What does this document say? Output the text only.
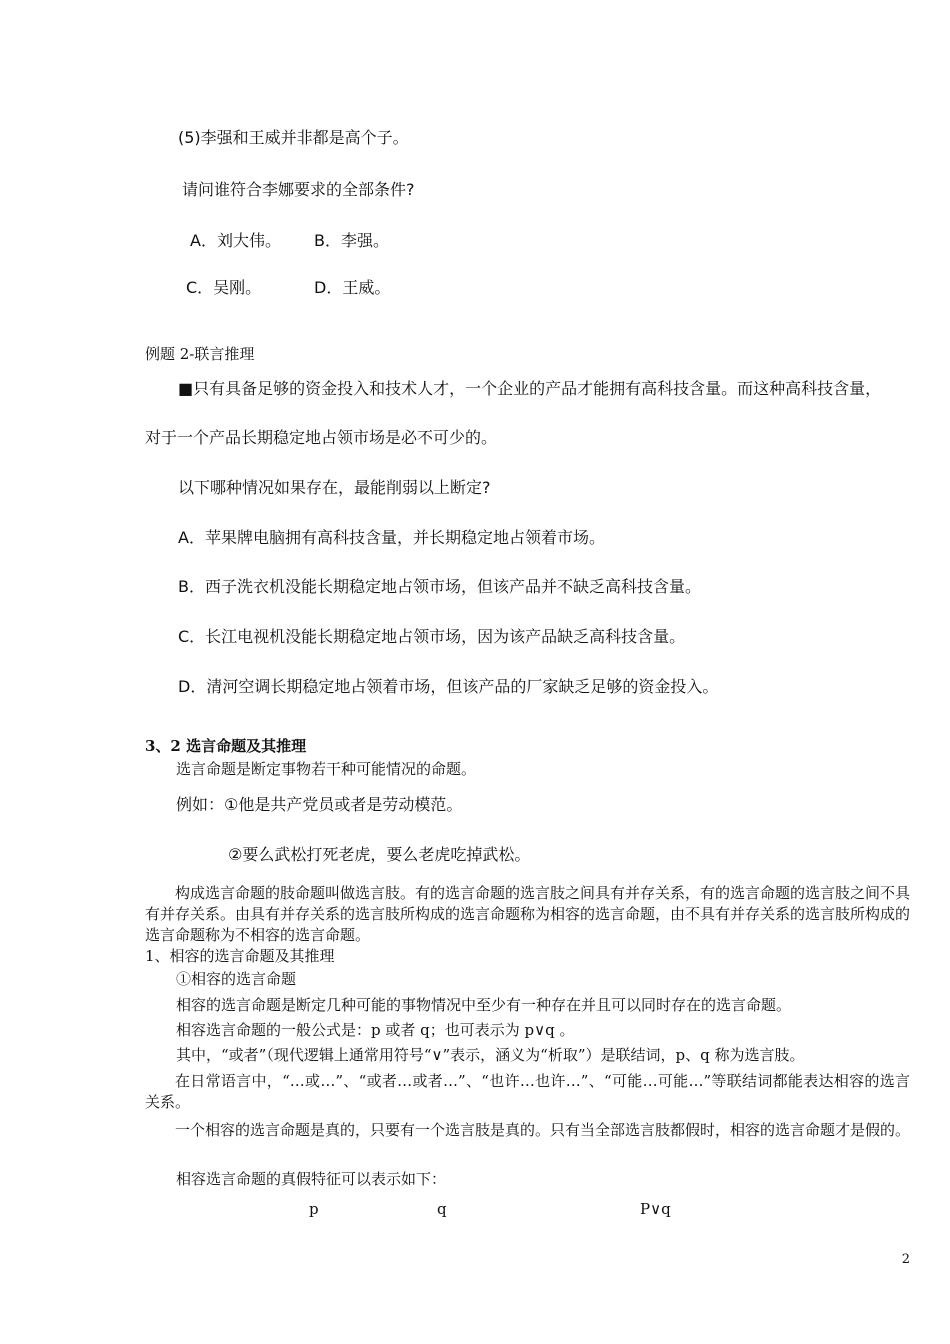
(5)李强和王威并非都是高个子。
请问谁符合李娜要求的全部条件?
A．刘大伟。 B．李强。
C．吴刚。	D．王威。
例题 2-联言推理
■只有具备足够的资金投入和技术人才，一个企业的产品才能拥有高科技含量。而这种高科技含量，
对于一个产品长期稳定地占领市场是必不可少的。
以下哪种情况如果存在，最能削弱以上断定?
A．苹果牌电脑拥有高科技含量，并长期稳定地占领着市场。
B．西子洗衣机没能长期稳定地占领市场，但该产品并不缺乏高科技含量。
C．长江电视机没能长期稳定地占领市场，因为该产品缺乏高科技含量。
D．清河空调长期稳定地占领着市场，但该产品的厂家缺乏足够的资金投入。
3、2 选言命题及其推理
选言命题是断定事物若干种可能情况的命题。
例如：①他是共产党员或者是劳动模范。
②要么武松打死老虎，要么老虎吃掉武松。

构成选言命题的肢命题叫做选言肢。有的选言命题的选言肢之间具有并存关系，有的选言命题的选言肢之间不具有并存关系。由具有并存关系的选言肢所构成的选言命题称为相容的选言命题，由不具有并存关系的选言肢所构成的选言命题称为不相容的选言命题。

1、相容的选言命题及其推理
①相容的选言命题
相容的选言命题是断定几种可能的事物情况中至少有一种存在并且可以同时存在的选言命题。
相容选言命题的一般公式是：p 或者 q；也可表示为 p∨q 。
其中，“或者”（现代逻辑上通常用符号“∨”表示，涵义为“析取”）是联结词，p、q 称为选言肢。

在日常语言中，“…或…”、“或者…或者…”、“也许…也许…”、“可能…可能…”等联结词都能表达相容的选言关系。

一个相容的选言命题是真的，只要有一个选言肢是真的。只有当全部选言肢都假时，相容的选言命题才是假的。

相容选言命题的真假特征可以表示如下：
p	q	P∨q
2
